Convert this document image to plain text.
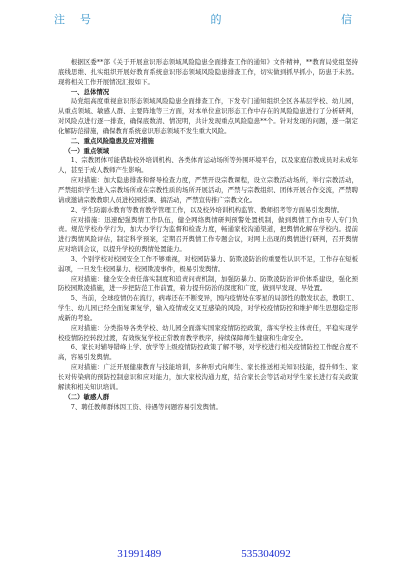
注　号	的	信

根据区委**部《关于开展意识形态领域风险隐患全面排查工作的通知》文件精神，**教育局党组坚持底线思维、扎实组织开展好教育系统意识形态领域风险隐患排查工作，切实做到抓早抓小，防患于未然。现将相关工作开展情况汇报如下。

一、总体情况

局党组高度重视意识形态领域风险隐患全面排查工作，下发专门通知组织全区各基层学校、幼儿园，从重点领域、敏感人群、主要阵地等三方面，对本单位意识形态工作中存在的风险隐患进行了分析研判，对风险点进行逐一排查，确保底数清、情况明，共计发现重点风险隐患**个。针对发现的问题，逐一制定化解防范措施，确保教育系统意识形态领域不发生重大风险。

二、重点风险隐患及应对措施

（一）重点领域

1、宗教团体可能借助校外培训机构、各类体育运动场所等外围环境平台，以及家庭信教成员对未成年人，甚至于成人教师产生影响。

应对措施：加大隐患排查和督导检查力度，严禁开设宗教课程，设立宗教活动场所，举行宗教活动，严禁组织学生进入宗教场所或在宗教性质的场所开展活动，严禁与宗教组织、团体开展合作交流，严禁聘请或邀请宗教教职人员进校园授课、搞活动，严禁宣传推广宗教文化。

2、学生防溺水教育等教育教学管理工作，以及校外培训机构监管、教师招考等方面易引发舆情。

应对措施：迅速配强舆情工作队伍，健全网络舆情研判预警处置机制，做到舆情工作由专人专门负责。规范学校办学行为，加大办学行为监督和检查力度，畅通家校沟通渠道，把舆情化解在学校内。提前进行舆情风险评估，制定科学预案，定期召开舆情工作专题会议，对网上出现的舆情进行研判，召开舆情应对培训会议，以提升学校的舆情处置能力。

3、个别学校对校园安全工作不够重视，对校园防暴力、防欺凌防治的重要性认识不足，工作存在短板弱项，一旦发生校园暴力、校园欺凌事件，极易引发舆情。

应对措施：健全安全责任落实制度和追责问责机制，加强防暴力、防欺凌防治评价体系建设，强化预防校园欺凌措施，进一步把防范工作前置，着力提升防治的深度和广度，做到早发现、早处置。

5、当前，全球疫情仍在流行，病毒还在不断变异，国内疫情处在零星的局部性的散发状态，教职工、学生、幼儿园已经全面复课复学，输入疫情或交叉互感染的风险，对学校疫情防控和维护师生思想稳定形成新的考验。

应对措施：分类指导各类学校、幼儿园全面落实国家疫情防控政策，落实学校主体责任，平稳实现学校疫情防控转段过渡，有效恢复学校正常教育教学秩序，持续保障师生健康和生命安全。

6、家长对辅导错峰上学、放学等上级疫情防控政策了解不够，对学校进行相关疫情防控工作配合度不高，容易引发舆情。

应对措施：广泛开展健康教育与技能培训，多种形式向师生、家长推送相关知识技能，提升师生、家长对传染病的预防控制意识和应对能力，加大家校沟通力度，结合家长会等活动对学生家长进行有关政策解读和相关知识培训。

（二）敏感人群

7、聘任教师群体因工资、待遇等问题容易引发舆情。

31991489	535304092
